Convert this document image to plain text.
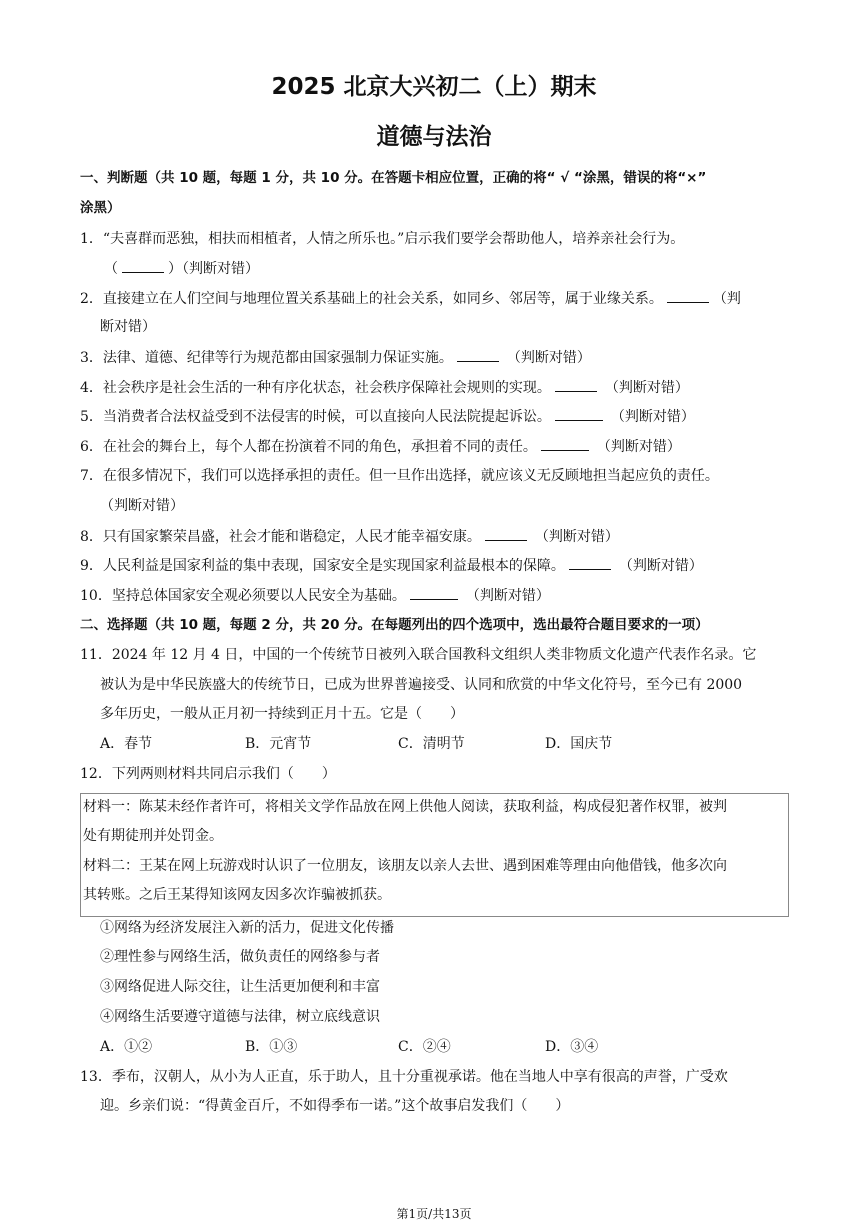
2025 北京大兴初二（上）期末
道德与法治
一、判断题（共 10 题，每题 1 分，共 10 分。在答题卡相应位置，正确的将“ √ “涂黑，错误的将“×”
涂黑）
1．“夫喜群而恶独，相扶而相植者，人情之所乐也。”启示我们要学会帮助他人，培养亲社会行为。
（	）（判断对错）
2．直接建立在人们空间与地理位置关系基础上的社会关系，如同乡、邻居等，属于业缘关系。	（判
断对错）
3．法律、道德、纪律等行为规范都由国家强制力保证实施。	（判断对错）
4．社会秩序是社会生活的一种有序化状态，社会秩序保障社会规则的实现。	（判断对错）
5．当消费者合法权益受到不法侵害的时候，可以直接向人民法院提起诉讼。	（判断对错）
6．在社会的舞台上，每个人都在扮演着不同的角色，承担着不同的责任。	（判断对错）
7．在很多情况下，我们可以选择承担的责任。但一旦作出选择，就应该义无反顾地担当起应负的责任。
（判断对错）
8．只有国家繁荣昌盛，社会才能和谐稳定，人民才能幸福安康。	（判断对错）
9．人民利益是国家利益的集中表现，国家安全是实现国家利益最根本的保障。	（判断对错）
10．坚持总体国家安全观必须要以人民安全为基础。	（判断对错）
二、选择题（共 10 题，每题 2 分，共 20 分。在每题列出的四个选项中，选出最符合题目要求的一项）
11．2024 年 12 月 4 日，中国的一个传统节日被列入联合国教科文组织人类非物质文化遗产代表作名录。它
被认为是中华民族盛大的传统节日，已成为世界普遍接受、认同和欣赏的中华文化符号，至今已有 2000
多年历史，一般从正月初一持续到正月十五。它是（　　）
A．春节	B．元宵节	C．清明节	D．国庆节
12．下列两则材料共同启示我们（　　）
材料一：陈某未经作者许可，将相关文学作品放在网上供他人阅读，获取利益，构成侵犯著作权罪，被判
处有期徒刑并处罚金。
材料二：王某在网上玩游戏时认识了一位朋友，该朋友以亲人去世、遇到困难等理由向他借钱，他多次向
其转账。之后王某得知该网友因多次诈骗被抓获。
①网络为经济发展注入新的活力，促进文化传播
②理性参与网络生活，做负责任的网络参与者
③网络促进人际交往，让生活更加便利和丰富
④网络生活要遵守道德与法律，树立底线意识
A．①②	B．①③	C．②④	D．③④
13．季布，汉朝人，从小为人正直，乐于助人，且十分重视承诺。他在当地人中享有很高的声誉，广受欢
迎。乡亲们说：“得黄金百斤，不如得季布一诺。”这个故事启发我们（　　）
第1页/共13页
